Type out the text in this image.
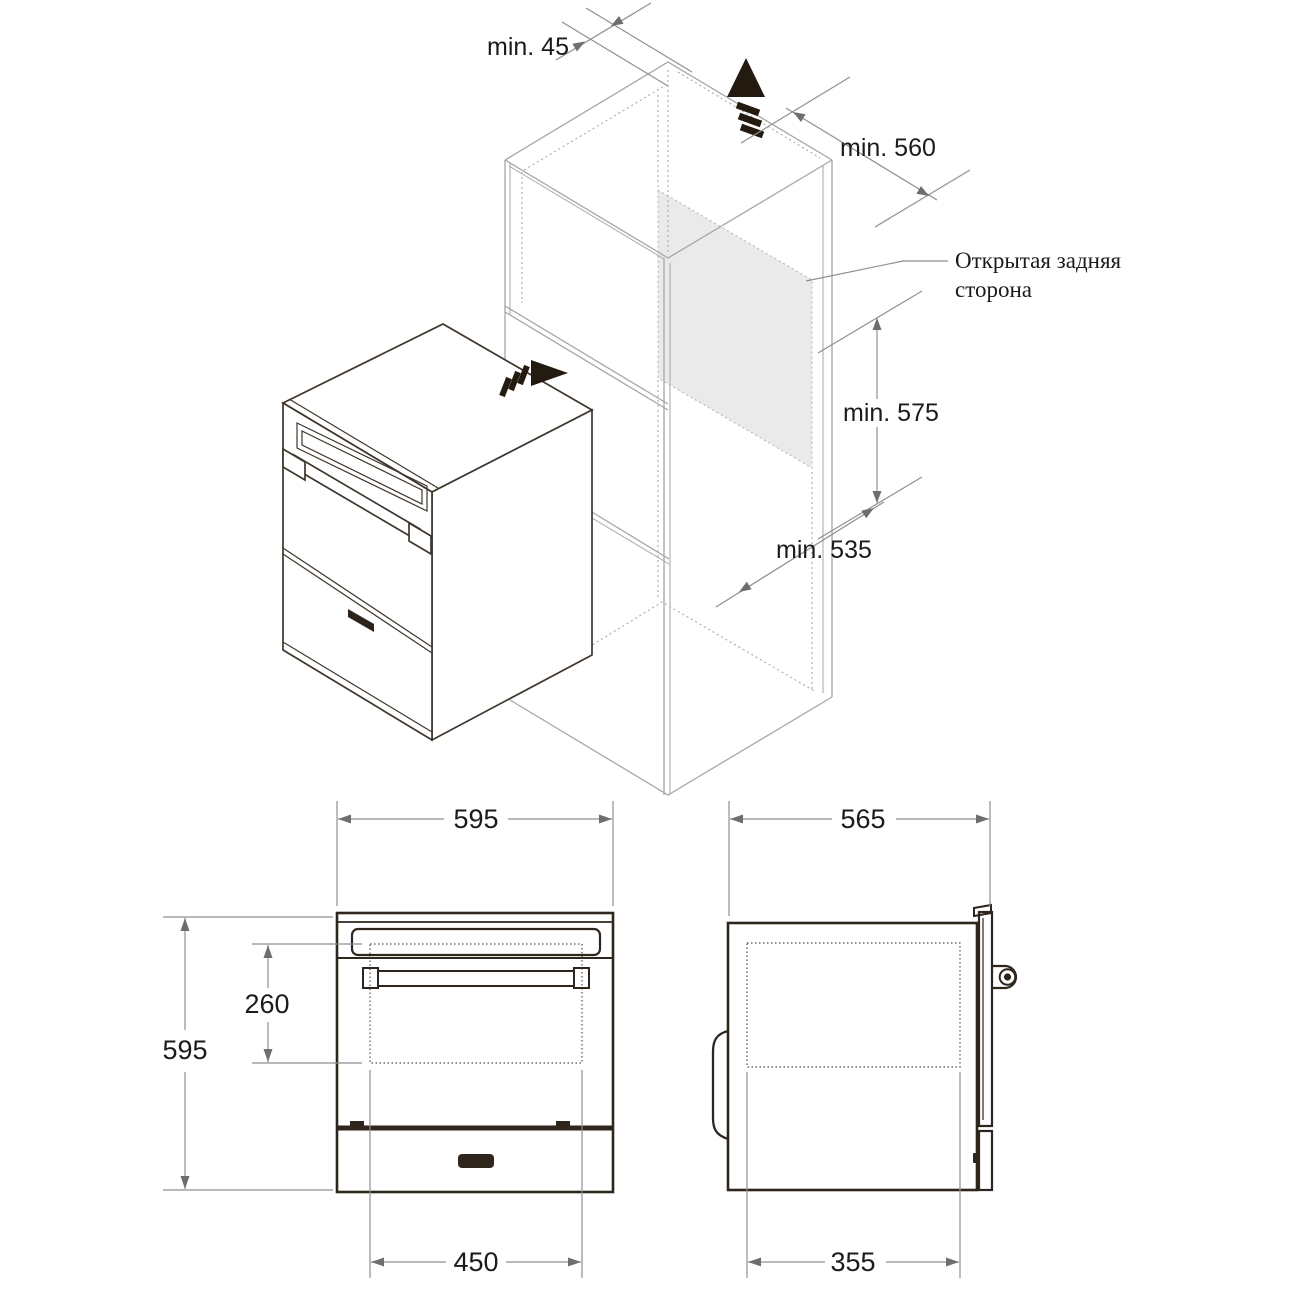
min. 45
min. 560
min. 575
min. 535
Открытая задняя
сторона
595
595
260
450
565
355
